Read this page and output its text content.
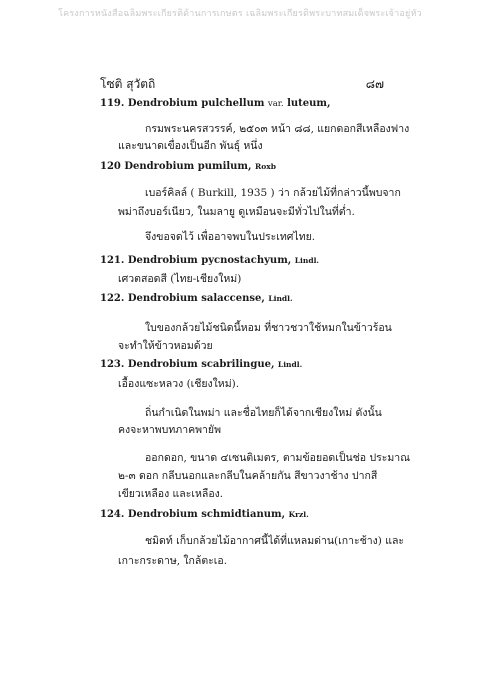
โครงการหนังสือฉลิมพระเกียรติด้านการเกษตร เฉลิมพระเกียรติพระบาทสมเด็จพระเจ้าอยู่หัว
โซติ สุวัตถิ	๘๗
119. Dendrobium pulchellum var. luteum,
กรมพระนครสวรรค์, ๒๕๐๓ หน้า ๘๘, แยกดอกสีเหลืองฟาง
และขนาดเขื่องเป็นอีก พันธุ์ หนึ่ง
120 Dendrobium pumilum, Roxb
เบอร์คิลล์ ( Burkill, 1935 ) ว่า กล้วยไม้ที่กล่าวนี้พบจาก
พม่าถึงบอร์เนียว, ในมลายู ดูเหมือนจะมีทั่วไปในที่ต่ำ.
จึงขอจดไว้ เพื่ออาจพบในประเทศไทย.
121. Dendrobium pycnostachyum, Lindl.
เศวตสอดสี (ไทย-เชียงใหม่)
122. Dendrobium salaccense, Lindl.
ใบของกล้วยไม้ชนิดนี้หอม ที่ชาวชวาใช้หมกในข้าวร้อน
จะทำให้ข้าวหอมด้วย
123. Dendrobium scabrilingue, Lindl.
เอื้องแซะหลวง (เชียงใหม่).
ถิ่นกำเนิดในพม่า และชื่อไทยก็ได้จากเชียงใหม่ ดังนั้น
คงจะหาพบทภาคพายัพ
ออกดอก, ขนาด ๔เซนติเมตร, ตามข้อยอดเป็นช่อ ประมาณ
๒-๓ ดอก กลีบนอกและกลีบในคล้ายกัน สีขาวงาช้าง ปากสี
เขียวเหลือง และเหลือง.
124. Dendrobium schmidtianum, Krzl.
ชมิดท์ เก็บกล้วยไม้อากาศนี้ได้ที่แหลมด่าน(เกาะช้าง) และ
เกาะกระดาษ, ใกล้ตะเอ.
